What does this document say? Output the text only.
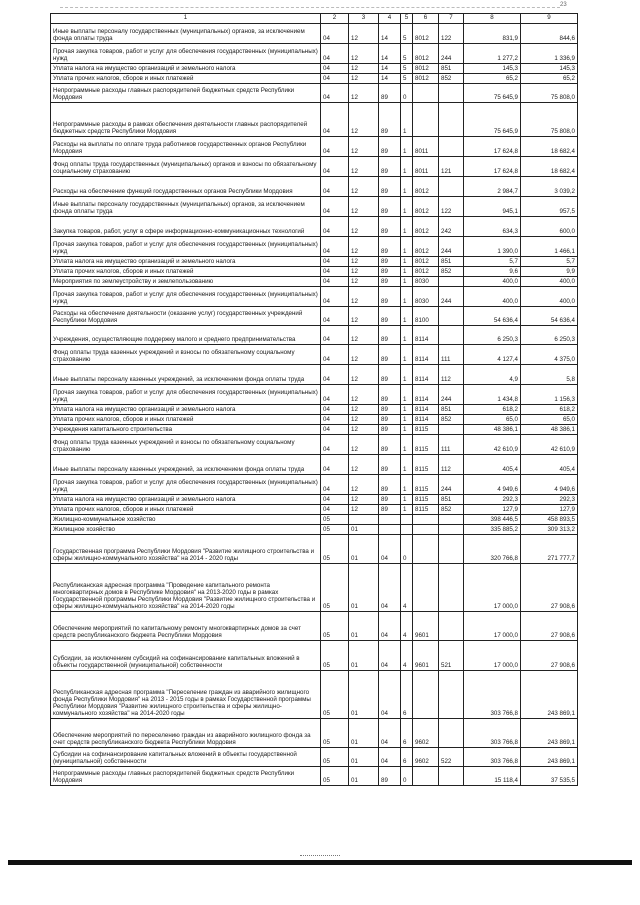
23
1	2	3	4	5	6	7	8	9
Иные выплаты персоналу государственных (муниципальных) органов, за исключением фонда оплаты труда	04	12	14	5	8012	122	831,9	844,6
Прочая закупка товаров, работ и услуг для обеспечения государственных (муниципальных) нужд	04	12	14	5	8012	244	1 277,2	1 336,9
Уплата налога на имущество организаций и земельного налога	04	12	14	5	8012	851	145,3	145,3
Уплата прочих налогов, сборов и иных платежей	04	12	14	5	8012	852	65,2	65,2
Непрограммные расходы главных распорядителей бюджетных средств Республики Мордовия	04	12	89	0			75 645,9	75 808,0
Непрограммные расходы в рамках обеспечения деятельности главных распорядителей бюджетных средств Республики Мордовия	04	12	89	1			75 645,9	75 808,0
Расходы на выплаты по оплате труда работников государственных органов Республики Мордовия	04	12	89	1	8011		17 624,8	18 682,4
Фонд оплаты труда государственных (муниципальных) органов и взносы по обязательному социальному страхованию	04	12	89	1	8011	121	17 624,8	18 682,4
Расходы на обеспечение функций государственных органов Республики Мордовия	04	12	89	1	8012		2 984,7	3 039,2
Иные выплаты персоналу государственных (муниципальных) органов, за исключением фонда оплаты труда	04	12	89	1	8012	122	945,1	957,5
Закупка товаров, работ, услуг в сфере информационно-коммуникационных технологий	04	12	89	1	8012	242	634,3	600,0
Прочая закупка товаров, работ и услуг для обеспечения государственных (муниципальных) нужд	04	12	89	1	8012	244	1 390,0	1 466,1
Уплата налога на имущество организаций и земельного налога	04	12	89	1	8012	851	5,7	5,7
Уплата прочих налогов, сборов и иных платежей	04	12	89	1	8012	852	9,6	9,9
Мероприятия по землеустройству и землепользованию	04	12	89	1	8030		400,0	400,0
Прочая закупка товаров, работ и услуг для обеспечения государственных (муниципальных) нужд	04	12	89	1	8030	244	400,0	400,0
Расходы на обеспечение деятельности (оказание услуг) государственных учреждений Республики Мордовия	04	12	89	1	8100		54 636,4	54 636,4
Учреждения, осуществляющие поддержку малого и среднего предпринимательства	04	12	89	1	8114		6 250,3	6 250,3
Фонд оплаты труда казенных учреждений и взносы по обязательному социальному страхованию	04	12	89	1	8114	111	4 127,4	4 375,0
Иные выплаты персоналу казенных учреждений, за исключением фонда оплаты труда	04	12	89	1	8114	112	4,9	5,8
Прочая закупка товаров, работ и услуг для обеспечения государственных (муниципальных) нужд	04	12	89	1	8114	244	1 434,8	1 156,3
Уплата налога на имущество организаций и земельного налога	04	12	89	1	8114	851	618,2	618,2
Уплата прочих налогов, сборов и иных платежей	04	12	89	1	8114	852	65,0	65,0
Учреждения капитального строительства	04	12	89	1	8115		48 386,1	48 386,1
Фонд оплаты труда казенных учреждений и взносы по обязательному социальному страхованию	04	12	89	1	8115	111	42 610,9	42 610,9
Иные выплаты персоналу казенных учреждений, за исключением фонда оплаты труда	04	12	89	1	8115	112	405,4	405,4
Прочая закупка товаров, работ и услуг для обеспечения государственных (муниципальных) нужд	04	12	89	1	8115	244	4 949,6	4 949,6
Уплата налога на имущество организаций и земельного налога	04	12	89	1	8115	851	292,3	292,3
Уплата прочих налогов, сборов и иных платежей	04	12	89	1	8115	852	127,9	127,9
Жилищно-коммунальное хозяйство	05						398 446,5	458 893,5
Жилищное хозяйство	05	01					335 885,2	309 313,2
Государственная программа Республики Мордовия "Развитие жилищного строительства и сферы жилищно-коммунального хозяйства" на 2014 - 2020 годы	05	01	04	0			320 766,8	271 777,7
Республиканская адресная программа "Проведение капитального ремонта многоквартирных домов в Республике Мордовия" на 2013-2020 годы в рамках Государственной программы Республики Мордовия "Развитие жилищного строительства и сферы жилищно-коммунального хозяйства" на 2014-2020 годы	05	01	04	4			17 000,0	27 908,6
Обеспечение мероприятий по капитальному ремонту многоквартирных домов за счет средств республиканского бюджета Республики Мордовия	05	01	04	4	9601		17 000,0	27 908,6
Субсидии, за исключением субсидий на софинансирование капитальных вложений в объекты государственной (муниципальной) собственности	05	01	04	4	9601	521	17 000,0	27 908,6
Республиканская адресная программа "Переселение граждан из аварийного жилищного фонда Республики Мордовия" на 2013 - 2015 годы в рамках Государственной программы Республики Мордовия "Развитие жилищного строительства и сферы жилищно-коммунального хозяйства" на 2014-2020 годы	05	01	04	6			303 766,8	243 869,1
Обеспечение мероприятий по переселению граждан из аварийного жилищного фонда за счет средств республиканского бюджета Республики Мордовия	05	01	04	6	9602		303 766,8	243 869,1
Субсидии на софинансирование капитальных вложений в объекты государственной (муниципальной) собственности	05	01	04	6	9602	522	303 766,8	243 869,1
Непрограммные расходы главных распорядителей бюджетных средств Республики Мордовия	05	01	89	0			15 118,4	37 535,5
